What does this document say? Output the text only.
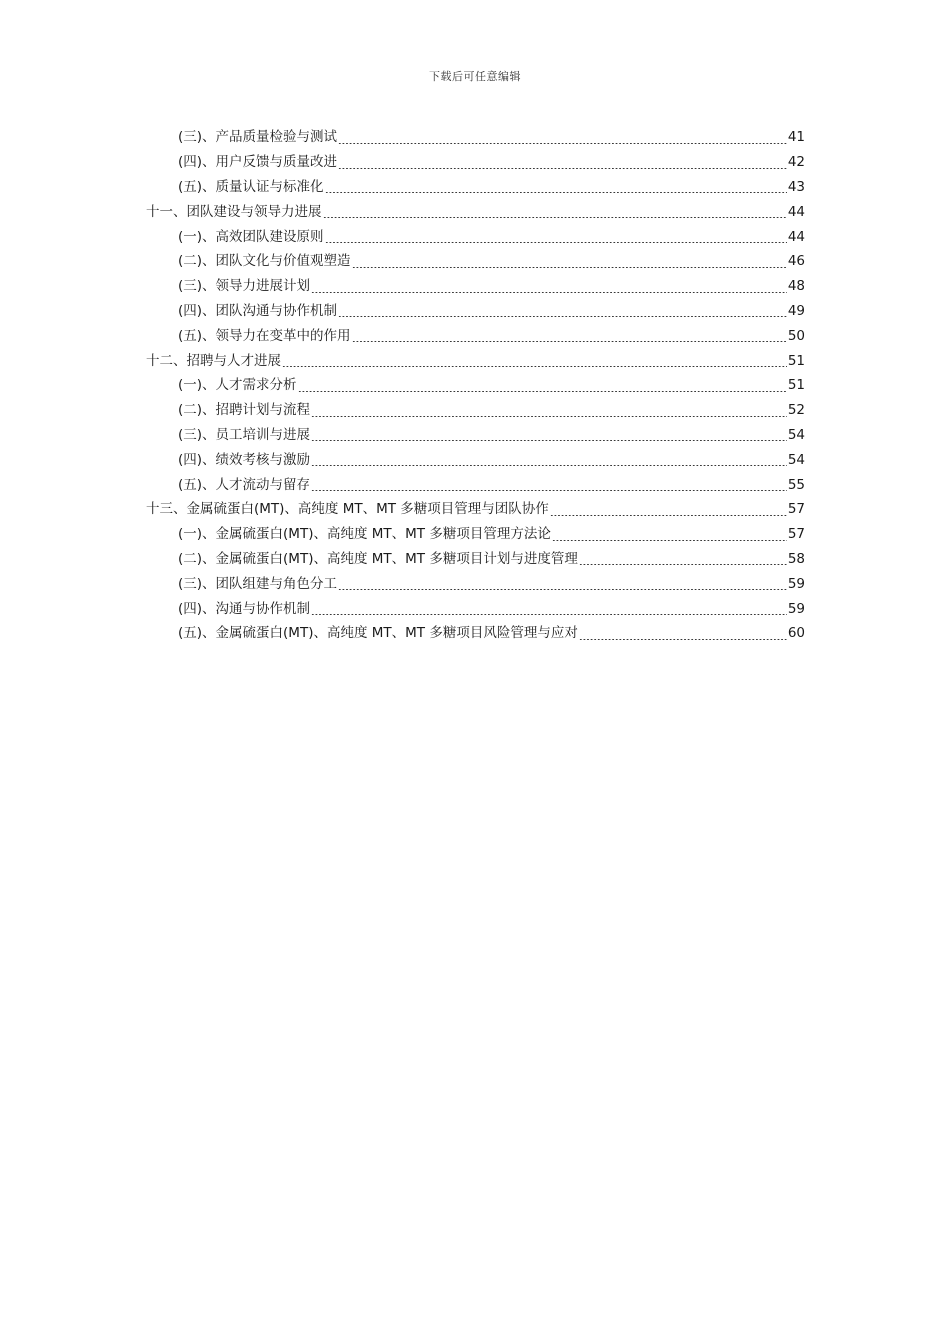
下载后可任意编辑
(三)、产品质量检验与测试	41
(四)、用户反馈与质量改进	42
(五)、质量认证与标准化	43
十一、团队建设与领导力进展	44
(一)、高效团队建设原则	44
(二)、团队文化与价值观塑造	46
(三)、领导力进展计划	48
(四)、团队沟通与协作机制	49
(五)、领导力在变革中的作用	50
十二、招聘与人才进展	51
(一)、人才需求分析	51
(二)、招聘计划与流程	52
(三)、员工培训与进展	54
(四)、绩效考核与激励	54
(五)、人才流动与留存	55
十三、金属硫蛋白(MT)、高纯度 MT、MT 多糖项目管理与团队协作	57
(一)、金属硫蛋白(MT)、高纯度 MT、MT 多糖项目管理方法论	57
(二)、金属硫蛋白(MT)、高纯度 MT、MT 多糖项目计划与进度管理	58
(三)、团队组建与角色分工	59
(四)、沟通与协作机制	59
(五)、金属硫蛋白(MT)、高纯度 MT、MT 多糖项目风险管理与应对	60
